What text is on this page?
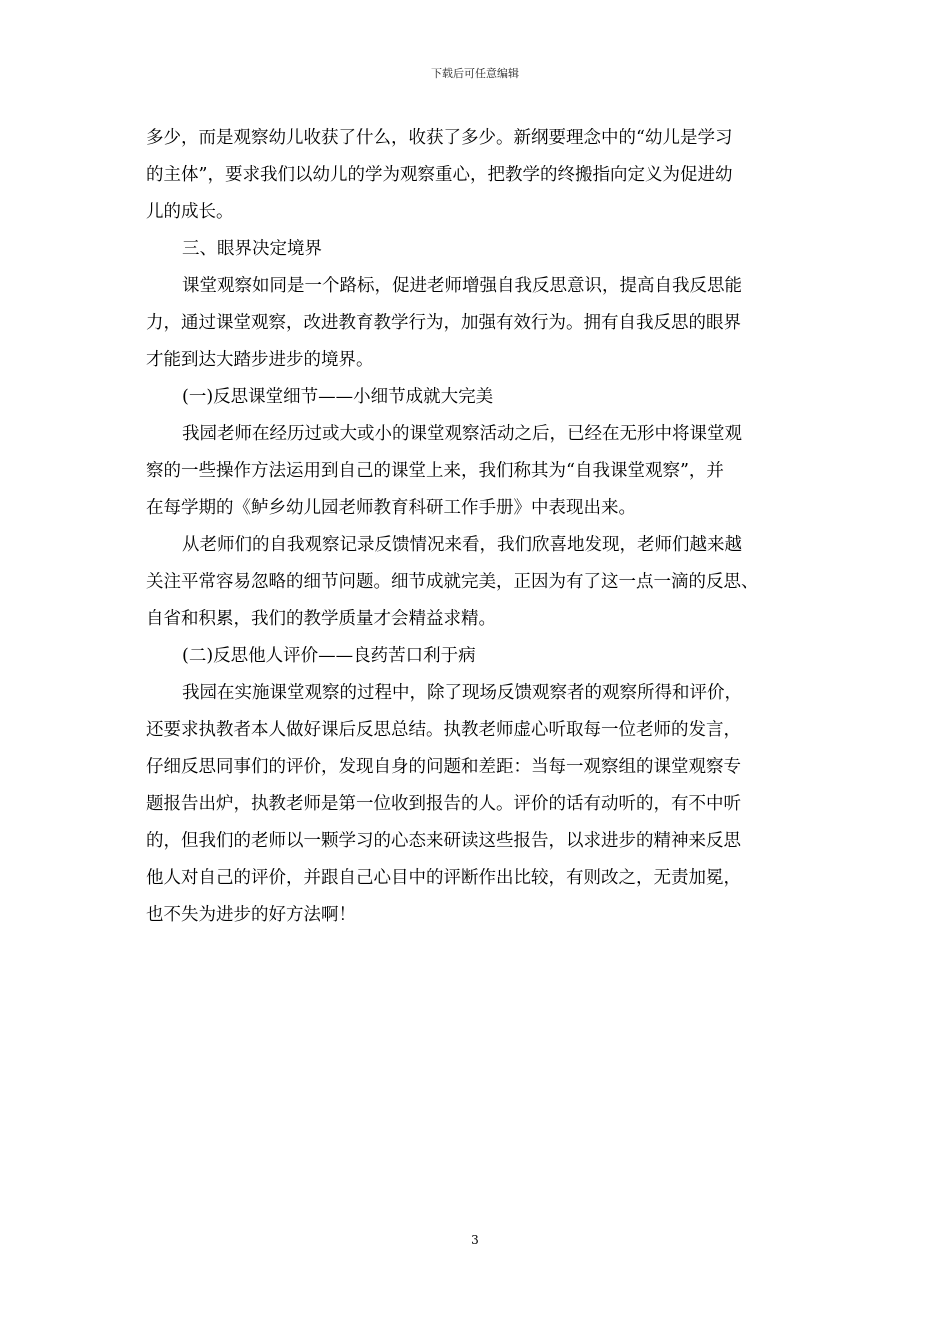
下载后可任意编辑
多少，而是观察幼儿收获了什么，收获了多少。新纲要理念中的“幼儿是学习
的主体”，要求我们以幼儿的学为观察重心，把教学的终搬指向定义为促进幼
儿的成长。
三、眼界决定境界
课堂观察如同是一个路标，促进老师增强自我反思意识，提高自我反思能
力，通过课堂观察，改进教育教学行为，加强有效行为。拥有自我反思的眼界
才能到达大踏步进步的境界。
(一)反思课堂细节——小细节成就大完美
我园老师在经历过或大或小的课堂观察活动之后，已经在无形中将课堂观
察的一些操作方法运用到自己的课堂上来，我们称其为“自我课堂观察”，并
在每学期的《鲈乡幼儿园老师教育科研工作手册》中表现出来。
从老师们的自我观察记录反馈情况来看，我们欣喜地发现，老师们越来越
关注平常容易忽略的细节问题。细节成就完美，正因为有了这一点一滴的反思、
自省和积累，我们的教学质量才会精益求精。
(二)反思他人评价——良药苦口利于病
我园在实施课堂观察的过程中，除了现场反馈观察者的观察所得和评价，
还要求执教者本人做好课后反思总结。执教老师虚心听取每一位老师的发言，
仔细反思同事们的评价，发现自身的问题和差距：当每一观察组的课堂观察专
题报告出炉，执教老师是第一位收到报告的人。评价的话有动听的，有不中听
的，但我们的老师以一颗学习的心态来研读这些报告，以求进步的精神来反思
他人对自己的评价，并跟自己心目中的评断作出比较，有则改之，无责加冕，
也不失为进步的好方法啊！
3
